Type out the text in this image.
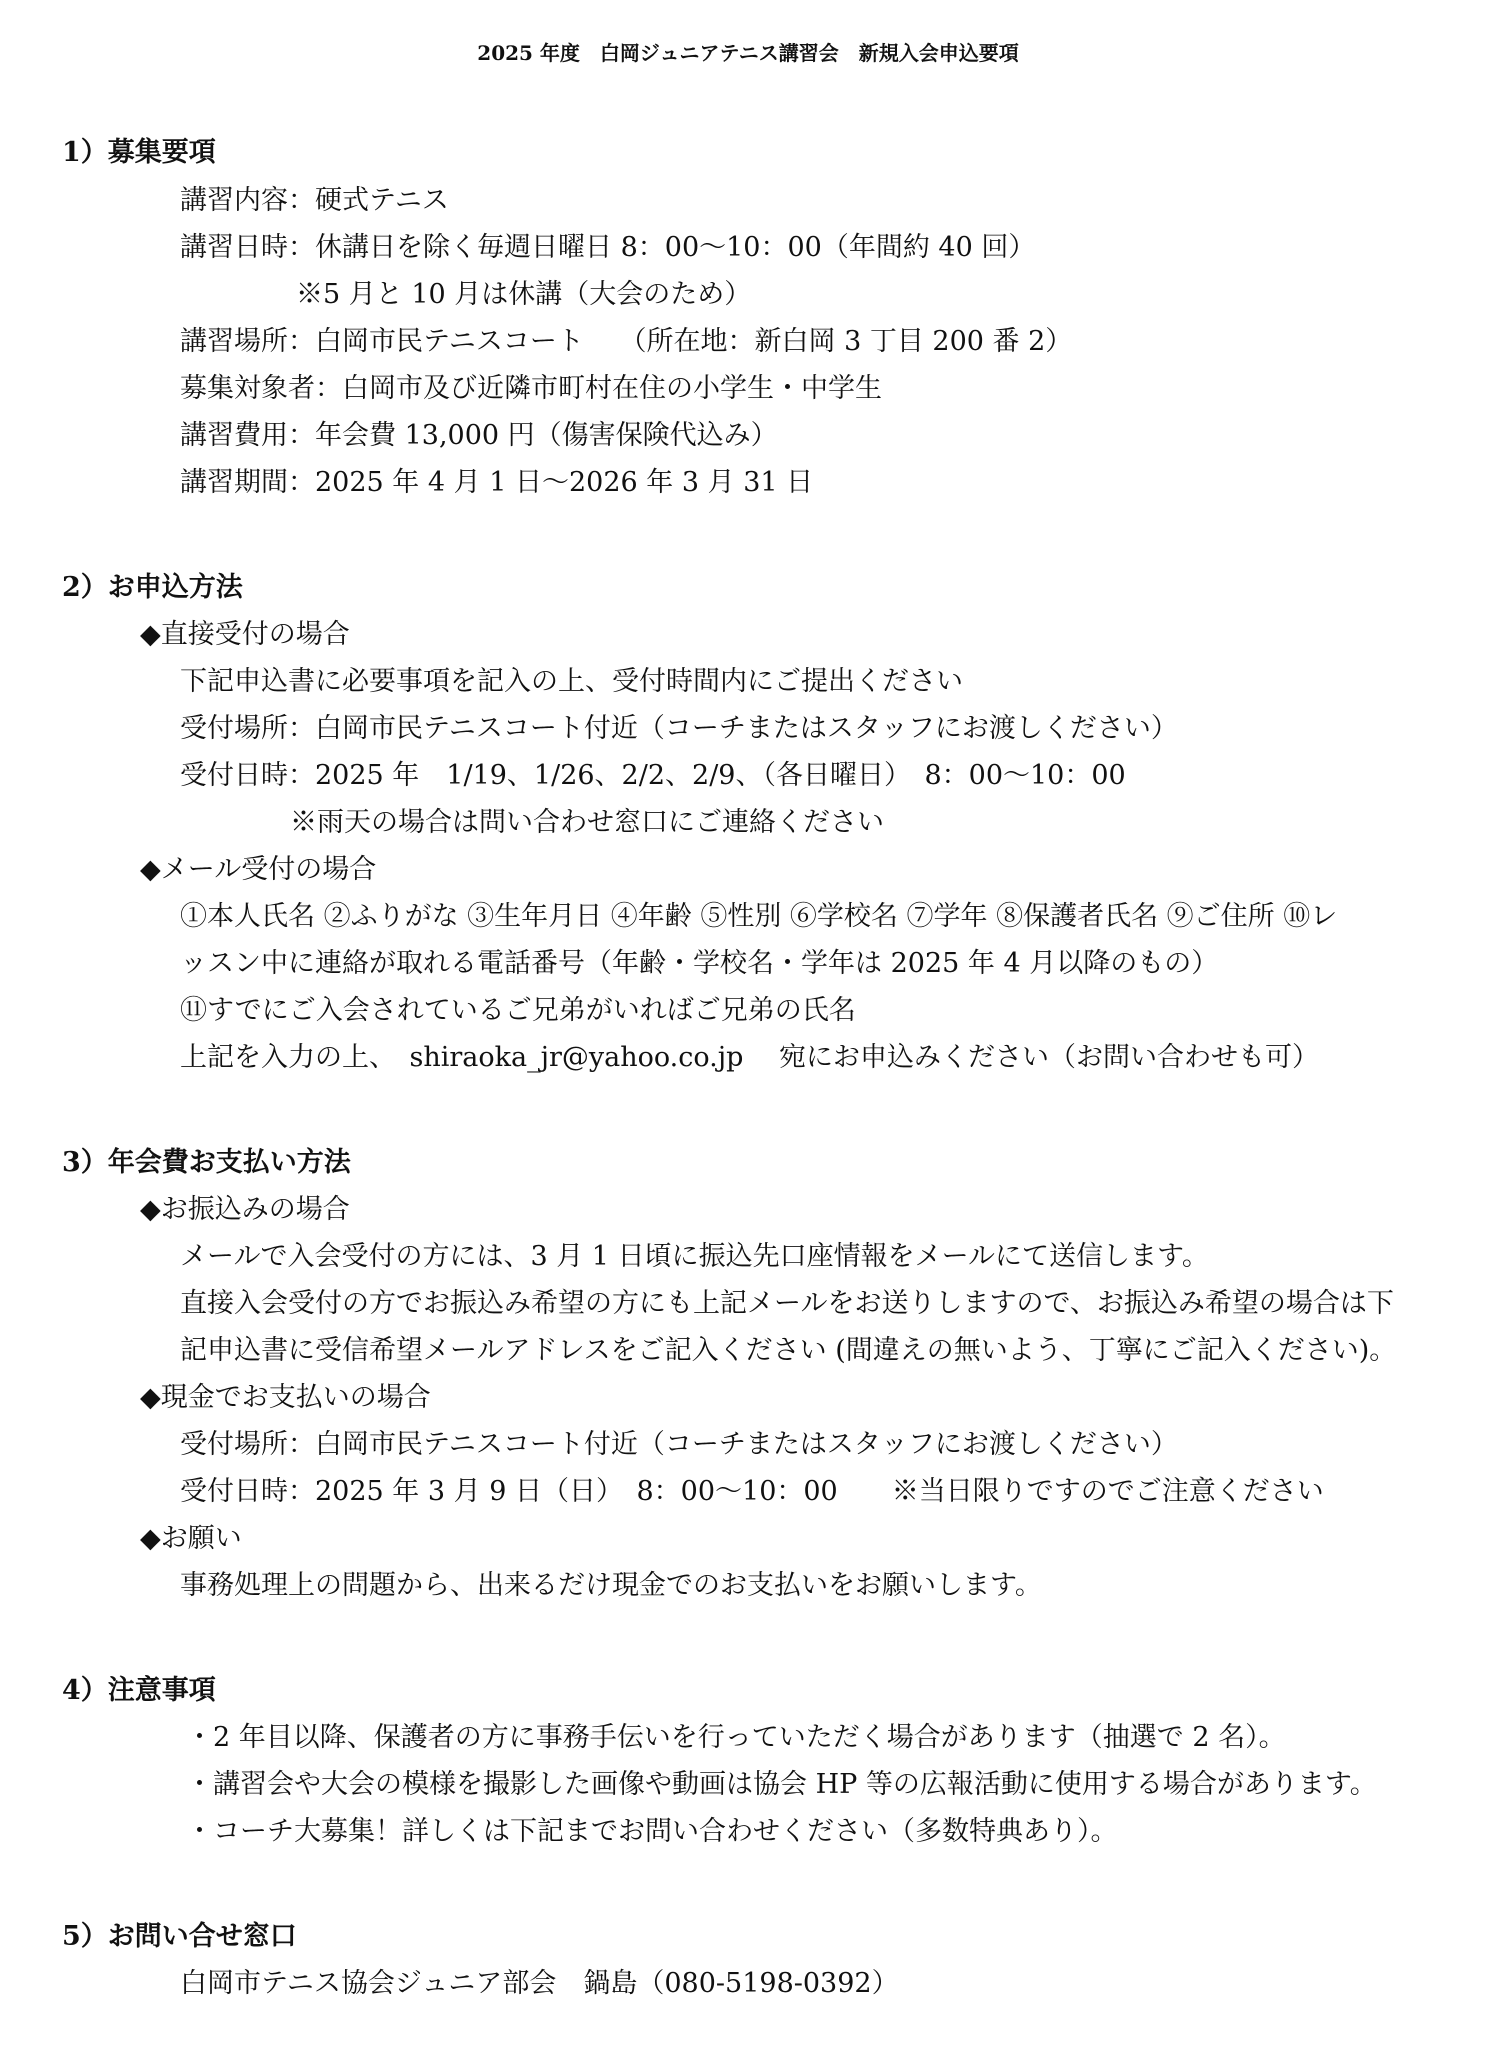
2025 年度　白岡ジュニアテニス講習会　新規入会申込要項
1）募集要項
講習内容：硬式テニス
講習日時：休講日を除く毎週日曜日 8：00～10：00（年間約 40 回）
※5 月と 10 月は休講（大会のため）
講習場所：白岡市民テニスコート　 （所在地：新白岡 3 丁目 200 番 2）
募集対象者：白岡市及び近隣市町村在住の小学生・中学生
講習費用：年会費 13,000 円（傷害保険代込み）
講習期間：2025 年 4 月 1 日～2026 年 3 月 31 日
2）お申込方法
◆直接受付の場合
下記申込書に必要事項を記入の上、受付時間内にご提出ください
受付場所：白岡市民テニスコート付近（コーチまたはスタッフにお渡しください）
受付日時：2025 年　1/19、1/26、2/2、2/9、（各日曜日）　8：00～10：00
※雨天の場合は問い合わせ窓口にご連絡ください
◆メール受付の場合
①本人氏名 ②ふりがな ③生年月日 ④年齢 ⑤性別 ⑥学校名 ⑦学年 ⑧保護者氏名 ⑨ご住所 ⑩レ
ッスン中に連絡が取れる電話番号（年齢・学校名・学年は 2025 年 4 月以降のもの）
⑪すでにご入会されているご兄弟がいればご兄弟の氏名
上記を入力の上、　shiraoka_jr@yahoo.co.jp　 宛にお申込みください（お問い合わせも可）
3）年会費お支払い方法
◆お振込みの場合
メールで入会受付の方には、3 月 1 日頃に振込先口座情報をメールにて送信します。
直接入会受付の方でお振込み希望の方にも上記メールをお送りしますので、お振込み希望の場合は下
記申込書に受信希望メールアドレスをご記入ください (間違えの無いよう、丁寧にご記入ください)。
◆現金でお支払いの場合
受付場所：白岡市民テニスコート付近（コーチまたはスタッフにお渡しください）
受付日時：2025 年 3 月 9 日（日）　8：00～10：00　　※当日限りですのでご注意ください
◆お願い
事務処理上の問題から、出来るだけ現金でのお支払いをお願いします。
4）注意事項
・2 年目以降、保護者の方に事務手伝いを行っていただく場合があります（抽選で 2 名）。
・講習会や大会の模様を撮影した画像や動画は協会 HP 等の広報活動に使用する場合があります。
・コーチ大募集！詳しくは下記までお問い合わせください（多数特典あり）。
5）お問い合せ窓口
白岡市テニス協会ジュニア部会　鍋島（080-5198-0392）
